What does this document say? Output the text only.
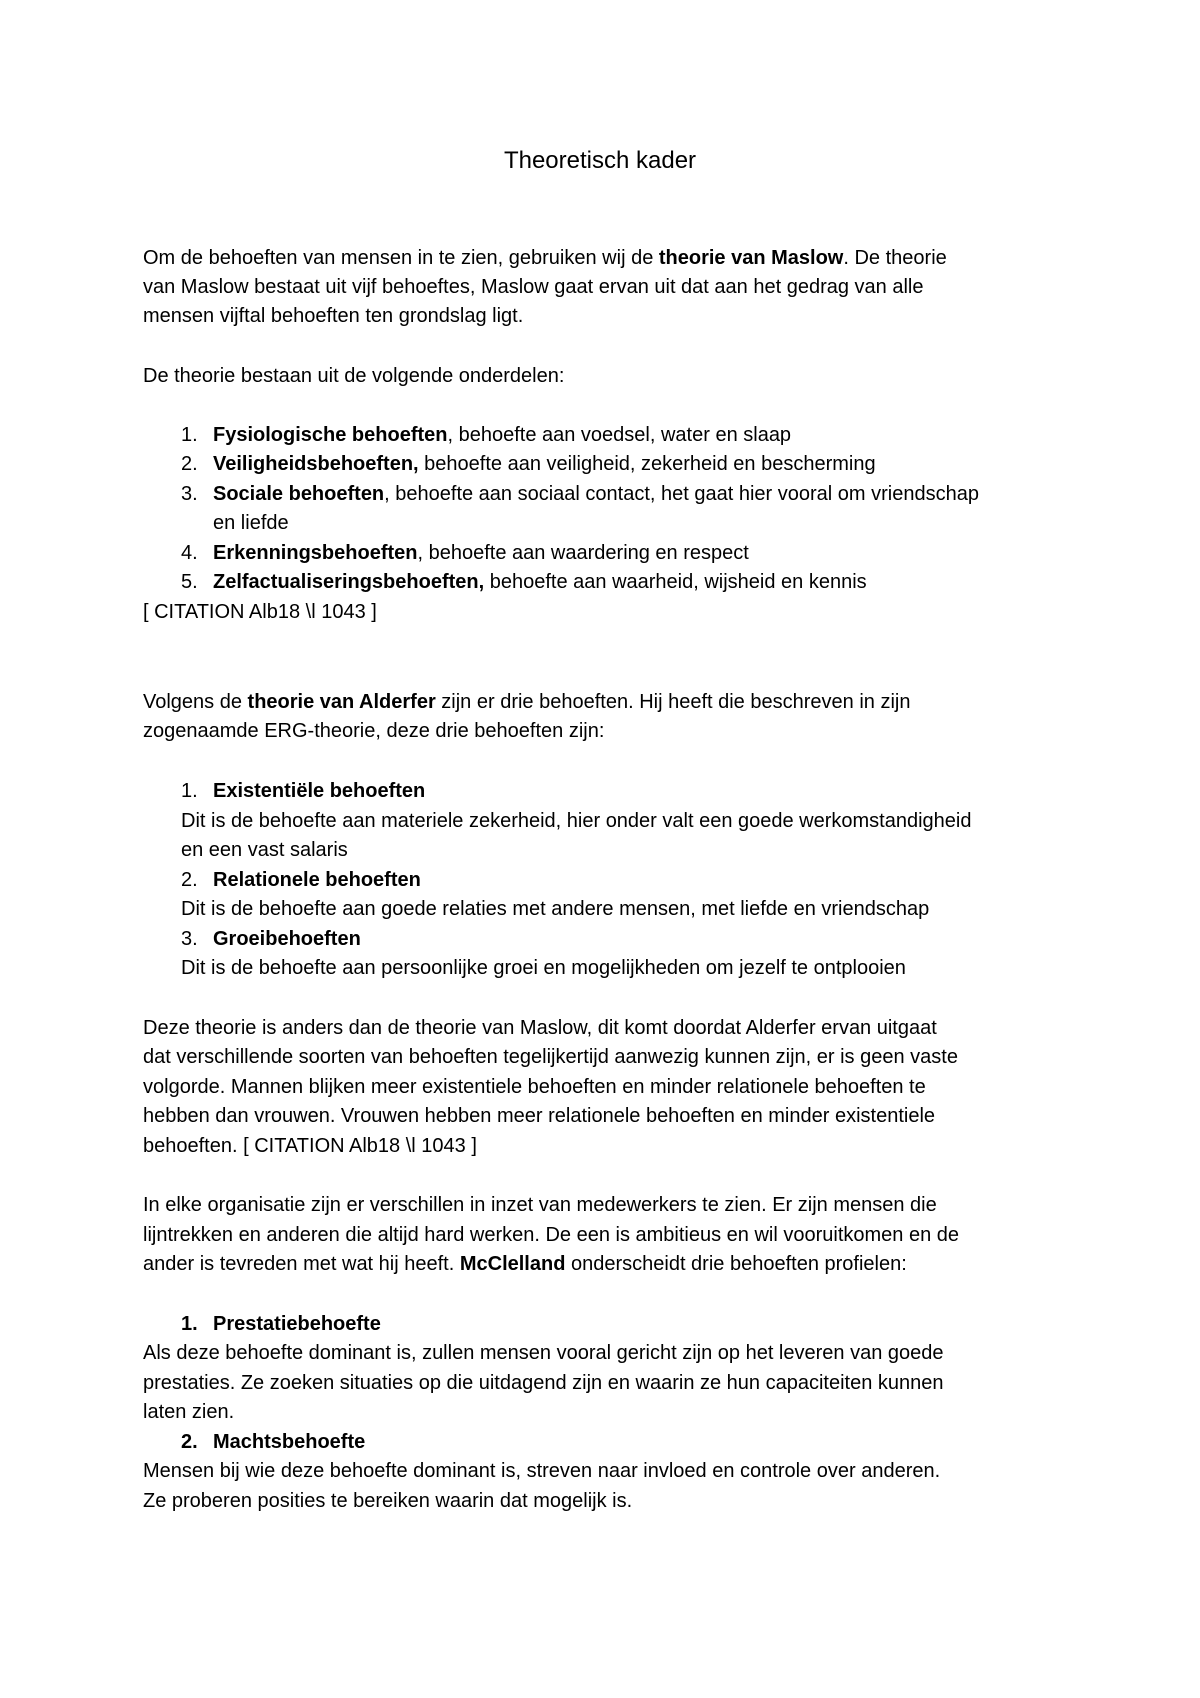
Theoretisch kader

Om de behoeften van mensen in te zien, gebruiken wij de theorie van Maslow. De theorie

van Maslow bestaat uit vijf behoeftes, Maslow gaat ervan uit dat aan het gedrag van alle

mensen vijftal behoeften ten grondslag ligt.

De theorie bestaan uit de volgende onderdelen:

1. Fysiologische behoeften, behoefte aan voedsel, water en slaap

2. Veiligheidsbehoeften, behoefte aan veiligheid, zekerheid en bescherming

3. Sociale behoeften, behoefte aan sociaal contact, het gaat hier vooral om vriendschap

en liefde

4. Erkenningsbehoeften, behoefte aan waardering en respect

5. Zelfactualiseringsbehoeften, behoefte aan waarheid, wijsheid en kennis

[ CITATION Alb18 \l 1043 ]

Volgens de theorie van Alderfer zijn er drie behoeften. Hij heeft die beschreven in zijn

zogenaamde ERG-theorie, deze drie behoeften zijn:

1. Existentiële behoeften

Dit is de behoefte aan materiele zekerheid, hier onder valt een goede werkomstandigheid

en een vast salaris

2. Relationele behoeften

Dit is de behoefte aan goede relaties met andere mensen, met liefde en vriendschap

3. Groeibehoeften

Dit is de behoefte aan persoonlijke groei en mogelijkheden om jezelf te ontplooien

Deze theorie is anders dan de theorie van Maslow, dit komt doordat Alderfer ervan uitgaat

dat verschillende soorten van behoeften tegelijkertijd aanwezig kunnen zijn, er is geen vaste

volgorde. Mannen blijken meer existentiele behoeften en minder relationele behoeften te

hebben dan vrouwen. Vrouwen hebben meer relationele behoeften en minder existentiele

behoeften. [ CITATION Alb18 \l 1043 ]

In elke organisatie zijn er verschillen in inzet van medewerkers te zien. Er zijn mensen die

lijntrekken en anderen die altijd hard werken. De een is ambitieus en wil vooruitkomen en de

ander is tevreden met wat hij heeft. McClelland onderscheidt drie behoeften profielen:

1. Prestatiebehoefte

Als deze behoefte dominant is, zullen mensen vooral gericht zijn op het leveren van goede

prestaties. Ze zoeken situaties op die uitdagend zijn en waarin ze hun capaciteiten kunnen

laten zien.

2. Machtsbehoefte

Mensen bij wie deze behoefte dominant is, streven naar invloed en controle over anderen.

Ze proberen posities te bereiken waarin dat mogelijk is.
